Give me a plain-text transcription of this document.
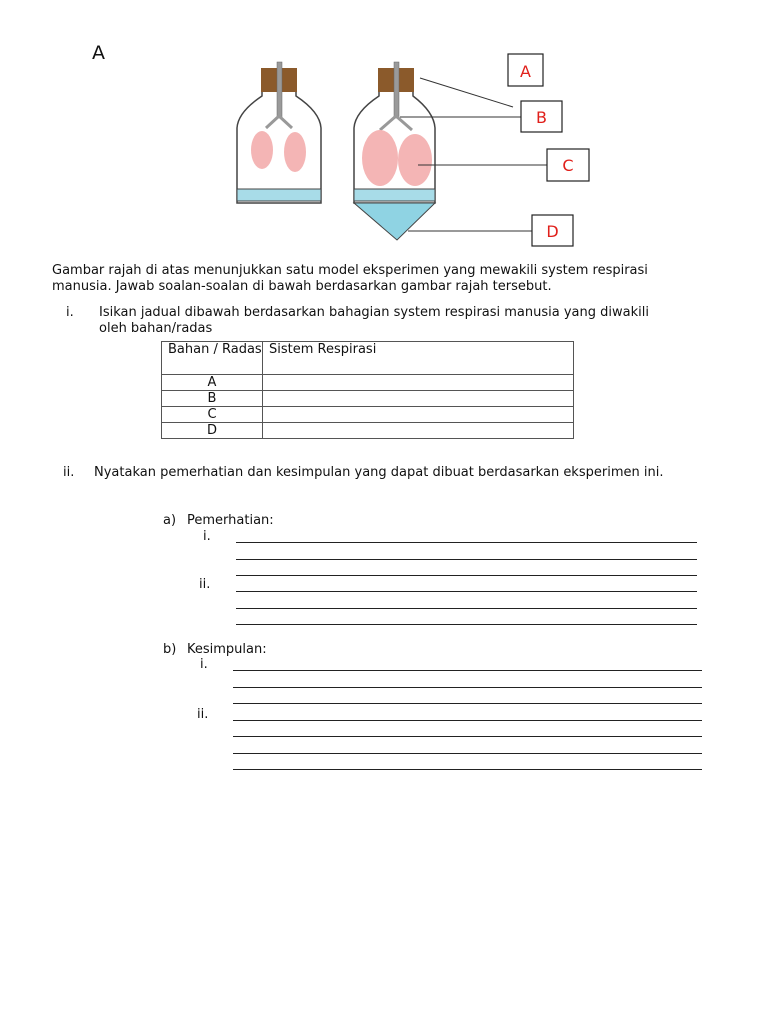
A
A
B
C
D
Gambar rajah di atas menunjukkan satu model eksperimen yang mewakili system respirasi manusia. Jawab soalan-soalan di bawah berdasarkan gambar rajah tersebut.
i.	Isikan jadual dibawah berdasarkan bahagian system respirasi manusia yang diwakili oleh bahan/radas
Bahan / Radas	Sistem Respirasi
A	
B	
C	
D	
ii.	Nyatakan pemerhatian dan kesimpulan yang dapat dibuat berdasarkan eksperimen ini.
a) Pemerhatian:
i.
ii.
b) Kesimpulan:
i.
ii.
